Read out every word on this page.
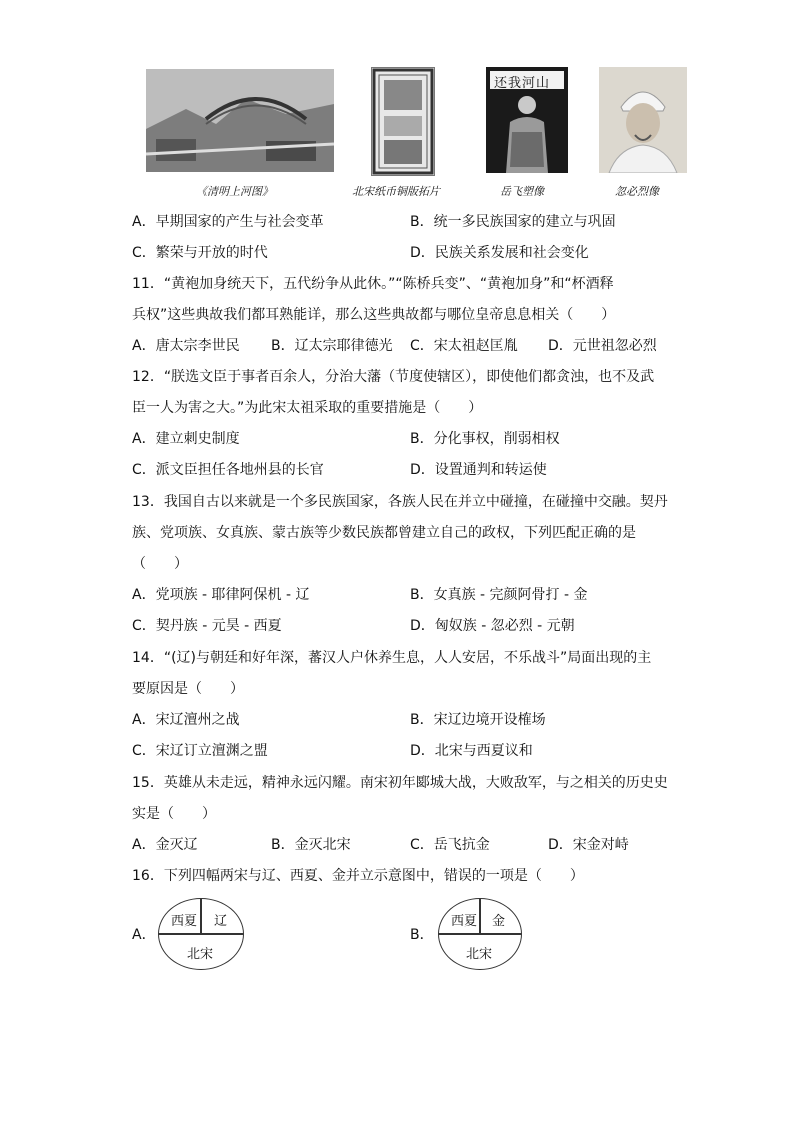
还我河山
《清明上河图》	北宋纸币铜版拓片	岳飞塑像	忽必烈像
A．早期国家的产生与社会变革	B．统一多民族国家的建立与巩固
C．繁荣与开放的时代	D．民族关系发展和社会变化
11．“黄袍加身统天下，五代纷争从此休。”“陈桥兵变”、“黄袍加身”和“杯酒释
兵权”这些典故我们都耳熟能详，那么这些典故都与哪位皇帝息息相关（　　）
A．唐太宗李世民 B．辽太宗耶律德光 C．宋太祖赵匡胤 D．元世祖忽必烈
12．“朕选文臣于事者百余人，分治大藩（节度使辖区），即使他们都贪浊，也不及武
臣一人为害之大。”为此宋太祖采取的重要措施是（　　）
A．建立刺史制度	B．分化事权，削弱相权
C．派文臣担任各地州县的长官	D．设置通判和转运使
13．我国自古以来就是一个多民族国家，各族人民在并立中碰撞，在碰撞中交融。契丹
族、党项族、女真族、蒙古族等少数民族都曾建立自己的政权，下列匹配正确的是
（　　）
A．党项族 - 耶律阿保机 - 辽	B．女真族 - 完颜阿骨打 - 金
C．契丹族 - 元昊 - 西夏	D．匈奴族 - 忽必烈 - 元朝
14．“(辽)与朝廷和好年深，蕃汉人户休养生息，人人安居，不乐战斗”局面出现的主
要原因是（　　）
A．宋辽澶州之战	B．宋辽边境开设榷场
C．宋辽订立澶渊之盟	D．北宋与西夏议和
15．英雄从未走远，精神永远闪耀。南宋初年郾城大战，大败敌军，与之相关的历史史
实是（　　）
A．金灭辽	B．金灭北宋	C．岳飞抗金	D．宋金对峙
16．下列四幅两宋与辽、西夏、金并立示意图中，错误的一项是（　　）
A．
西夏 辽
北宋
B．
西夏 金
北宋
